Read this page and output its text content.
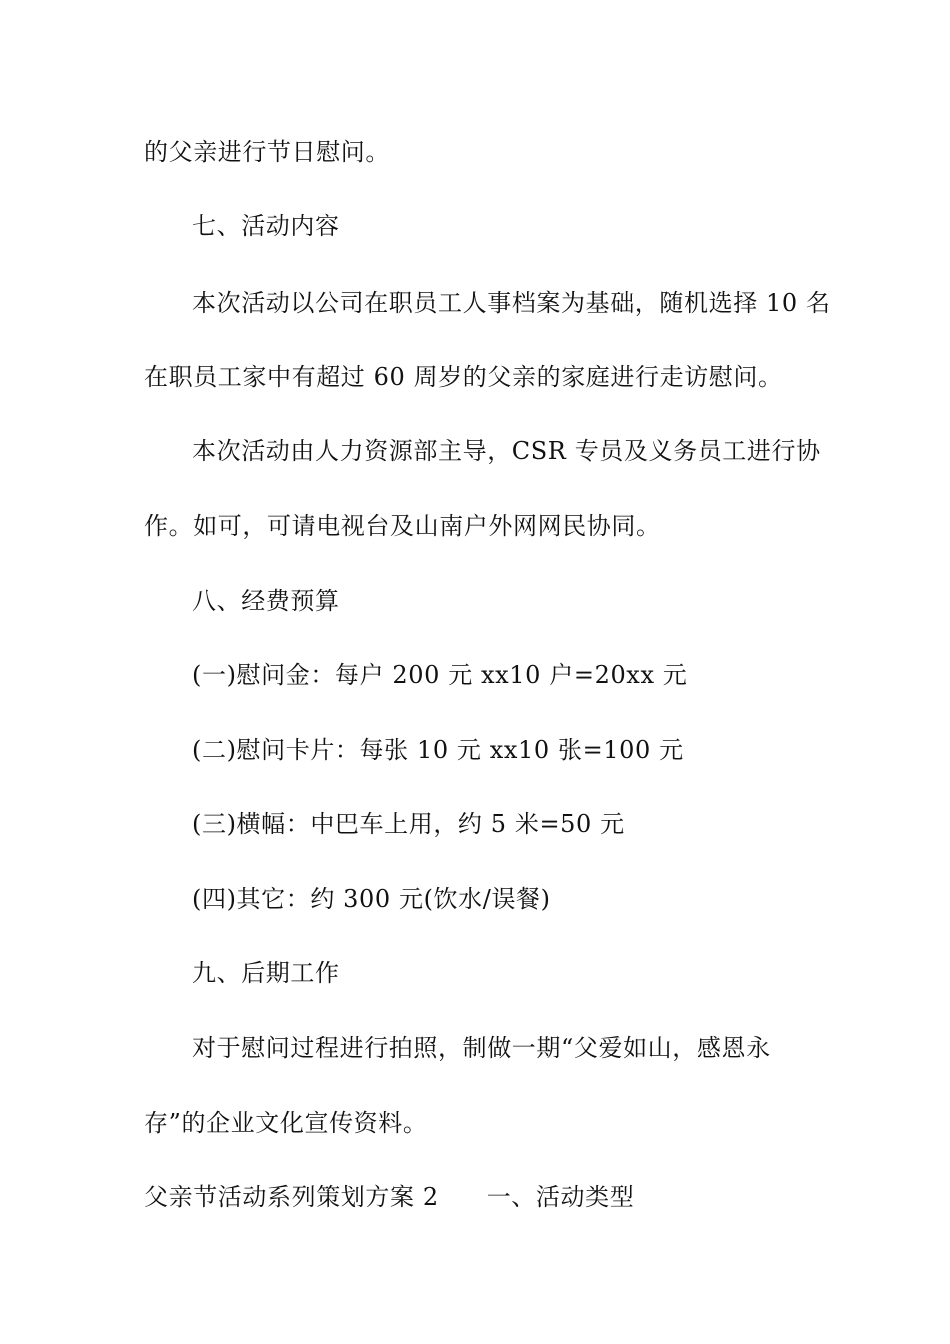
的父亲进行节日慰问。
七、活动内容
本次活动以公司在职员工人事档案为基础，随机选择 10 名
在职员工家中有超过 60 周岁的父亲的家庭进行走访慰问。
本次活动由人力资源部主导，CSR 专员及义务员工进行协
作。如可，可请电视台及山南户外网网民协同。
八、经费预算
(一)慰问金：每户 200 元 xx10 户=20xx 元
(二)慰问卡片：每张 10 元 xx10 张=100 元
(三)横幅：中巴车上用，约 5 米=50 元
(四)其它：约 300 元(饮水/误餐)
九、后期工作
对于慰问过程进行拍照，制做一期“父爱如山，感恩永
存”的企业文化宣传资料。
父亲节活动系列策划方案 2 一、活动类型
